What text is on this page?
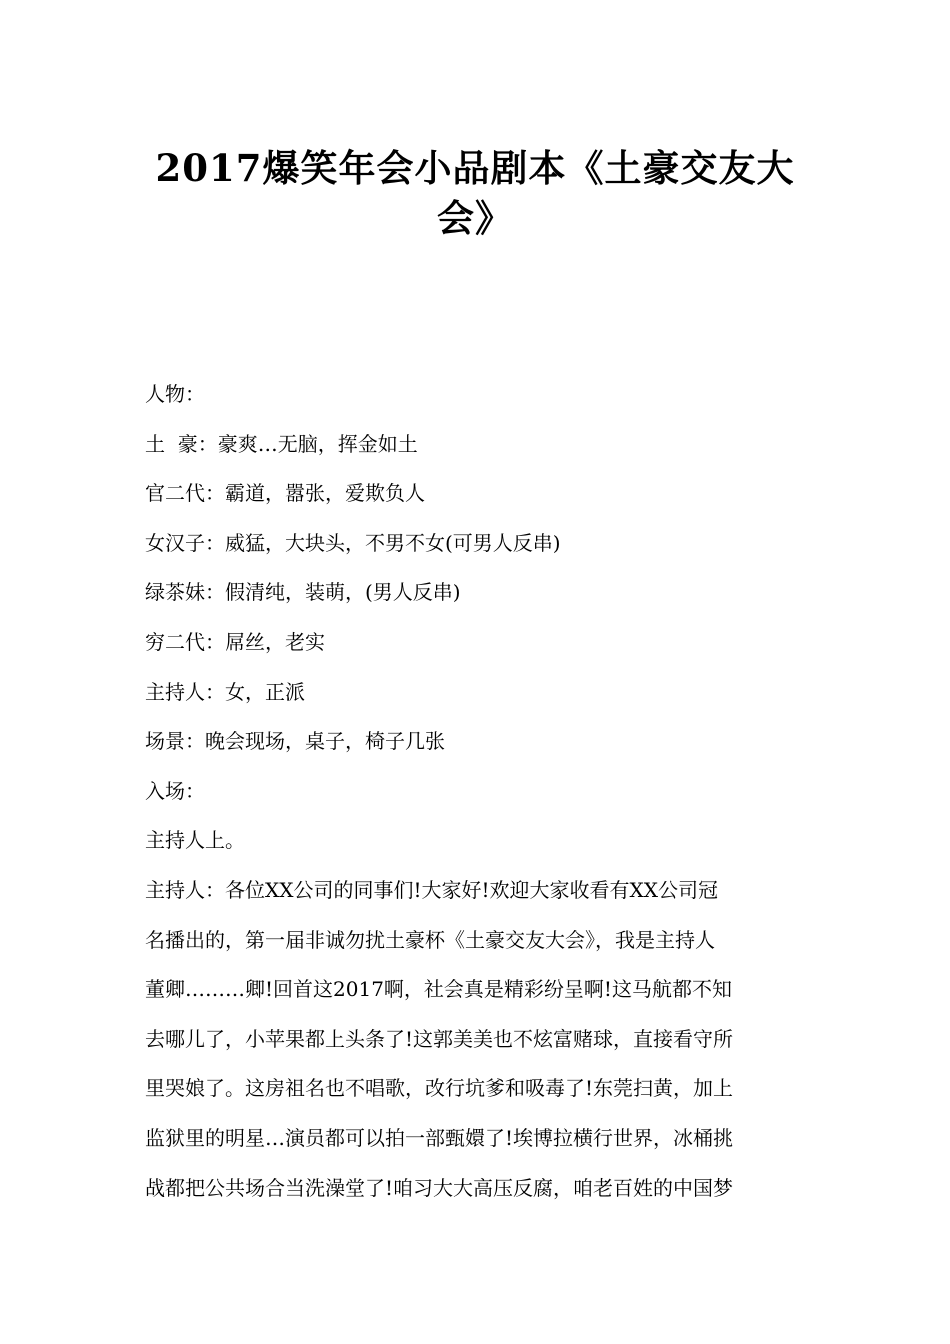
2017爆笑年会小品剧本《土豪交友大会》

人物：

土  豪：豪爽…无脑，挥金如土

官二代：霸道，嚣张，爱欺负人

女汉子：威猛，大块头，不男不女(可男人反串)

绿茶妹：假清纯，装萌，(男人反串)

穷二代：屌丝，老实

主持人：女，正派

场景：晚会现场，桌子，椅子几张

入场：

主持人上。

主持人：各位XX公司的同事们!大家好!欢迎大家收看有XX公司冠

名播出的，第一届非诚勿扰土豪杯《土豪交友大会》，我是主持人

董卿………卿!回首这2017啊，社会真是精彩纷呈啊!这马航都不知

去哪儿了，小苹果都上头条了!这郭美美也不炫富赌球，直接看守所

里哭娘了。这房祖名也不唱歌，改行坑爹和吸毒了!东莞扫黄，加上

监狱里的明星…演员都可以拍一部甄嬛了!埃博拉横行世界，冰桶挑

战都把公共场合当洗澡堂了!咱习大大高压反腐，咱老百姓的中国梦
